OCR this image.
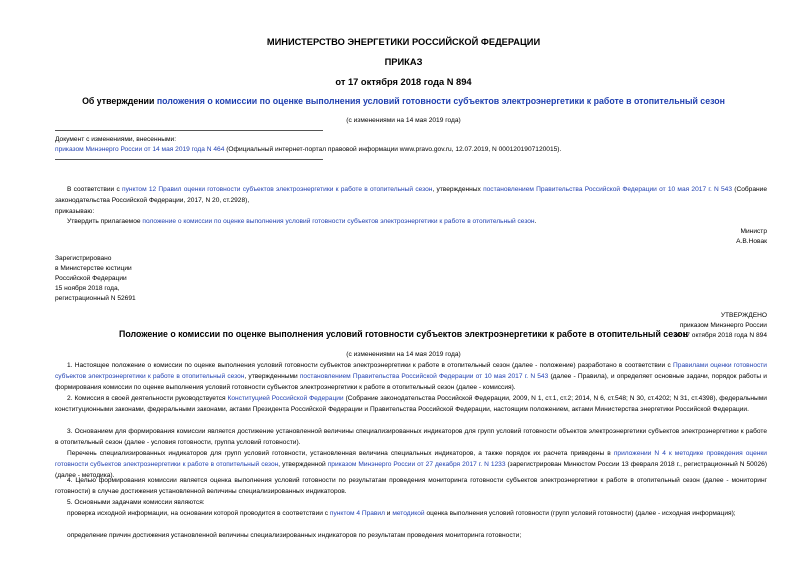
МИНИСТЕРСТВО ЭНЕРГЕТИКИ РОССИЙСКОЙ ФЕДЕРАЦИИ
ПРИКАЗ
от 17 октября 2018 года N 894
Об утверждении положения о комиссии по оценке выполнения условий готовности субъектов электроэнергетики к работе в отопительный сезон
(с изменениями на 14 мая 2019 года)
Документ с изменениями, внесенными:
приказом Минэнерго России от 14 мая 2019 года N 464 (Официальный интернет-портал правовой информации www.pravo.gov.ru, 12.07.2019, N 0001201907120015).
В соответствии с пунктом 12 Правил оценки готовности субъектов электроэнергетики к работе в отопительный сезон, утвержденных постановлением Правительства Российской Федерации от 10 мая 2017 г. N 543 (Собрание законодательства Российской Федерации, 2017, N 20, ст.2928),
приказываю:
Утвердить прилагаемое положение о комиссии по оценке выполнения условий готовности субъектов электроэнергетики к работе в отопительный сезон.
Министр
А.В.Новак
Зарегистрировано
в Министерстве юстиции
Российской Федерации
15 ноября 2018 года,
регистрационный N 52691
УТВЕРЖДЕНО
приказом Минэнерго России
от 17 октября 2018 года N 894
Положение о комиссии по оценке выполнения условий готовности субъектов электроэнергетики к работе в отопительный сезон
(с изменениями на 14 мая 2019 года)
1. Настоящее положение о комиссии по оценке выполнения условий готовности субъектов электроэнергетики к работе в отопительный сезон (далее - положение) разработано в соответствии с Правилами оценки готовности субъектов электроэнергетики к работе в отопительный сезон, утвержденными постановлением Правительства Российской Федерации от 10 мая 2017 г. N 543 (далее - Правила), и определяет основные задачи, порядок работы и формирования комиссии по оценке выполнения условий готовности субъектов электроэнергетики к работе в отопительный сезон (далее - комиссия).
2. Комиссия в своей деятельности руководствуется Конституцией Российской Федерации (Собрание законодательства Российской Федерации, 2009, N 1, ст.1, ст.2; 2014, N 6, ст.548; N 30, ст.4202; N 31, ст.4398), федеральными конституционными законами, федеральными законами, актами Президента Российской Федерации и Правительства Российской Федерации, настоящим положением, актами Министерства энергетики Российской Федерации.
3. Основанием для формирования комиссии является достижение установленной величины специализированных индикаторов для групп условий готовности объектов электроэнергетики субъектов электроэнергетики к работе в отопительный сезон (далее - условия готовности, группа условий готовности).
Перечень специализированных индикаторов для групп условий готовности, установленная величина специальных индикаторов, а также порядок их расчета приведены в приложении N 4 к методике проведения оценки готовности субъектов электроэнергетики к работе в отопительный сезон, утвержденной приказом Минэнерго России от 27 декабря 2017 г. N 1233 (зарегистрирован Минюстом России 13 февраля 2018 г., регистрационный N 50026) (далее - методика).
4. Целью формирования комиссии является оценка выполнения условий готовности по результатам проведения мониторинга готовности субъектов электроэнергетики к работе в отопительный сезон (далее - мониторинг готовности) в случае достижения установленной величины специализированных индикаторов.
5. Основными задачами комиссии являются:
проверка исходной информации, на основании которой проводится в соответствии с пунктом 4 Правил и методикой оценка выполнения условий готовности (групп условий готовности) (далее - исходная информация);
определение причин достижения установленной величины специализированных индикаторов по результатам проведения мониторинга готовности;
